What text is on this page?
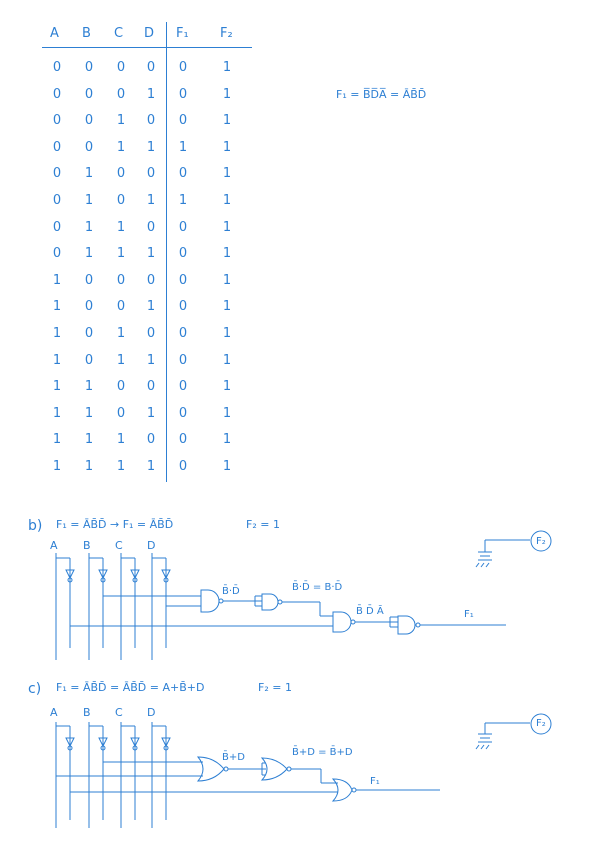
A B C D F₁ F₂
0 0 0 0 0	1
0 0 0 1 0	1
0 0 1 0 0	1
0 0 1 1 1	1
0 1 0 0 0	1
0 1 0 1 1	1
0 1 1 0 0	1
0 1 1 1 0	1
1 0 0 0 0	1
1 0 0 1 0	1
1 0 1 0 0	1
1 0 1 1 0	1
1 1 0 0 0	1
1 1 0 1 0	1
1 1 1 0 0	1
1 1 1 1 0	1
F₁ = B̅D̅A̅ = ĀB̄D̄
b) F₁ = ĀB̄D̄ → F₁ = ĀB̄D̄	F₂ = 1
A B C D
B̄·D̄	B̄·D̄ = B·D̄
B̄ D̄ Ā	F₁
F₂
c) F₁ = ĀB̄D̄ = ĀB̄D̄ = A+B̄+D	F₂ = 1
A B C D
B̄+D	B̄+D = B̄+D
F₁
F₂
